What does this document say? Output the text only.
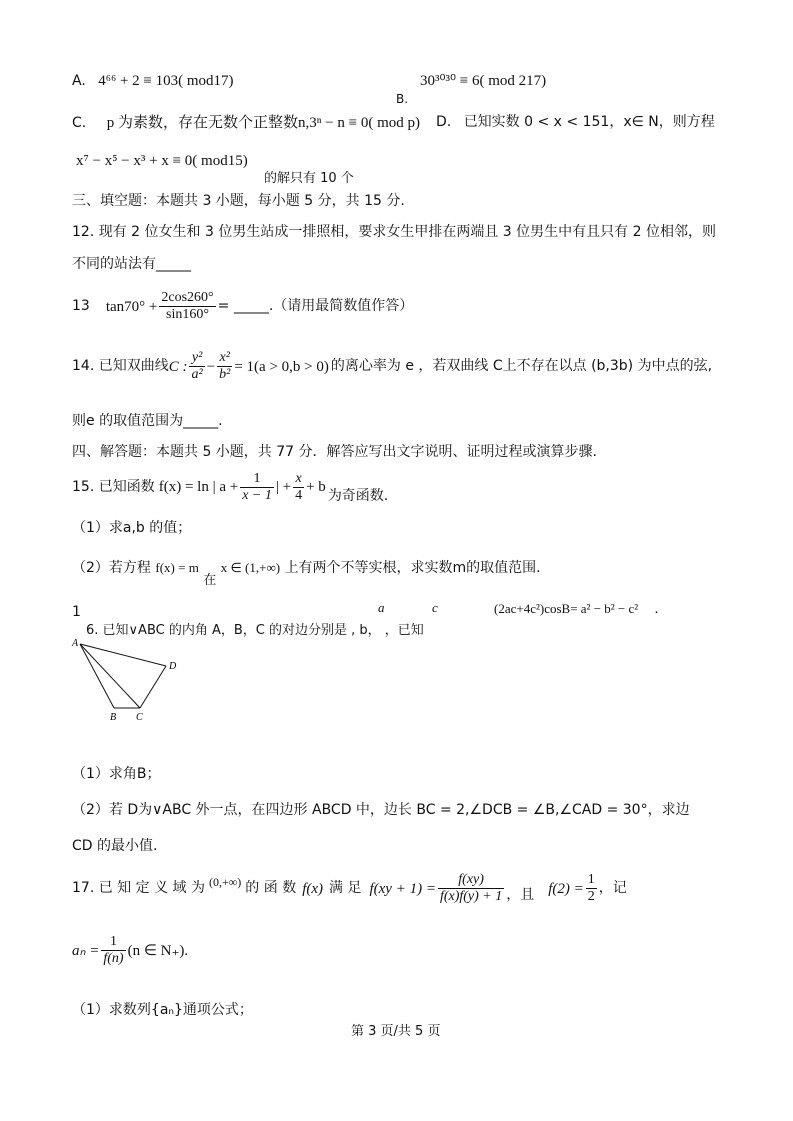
A. 4⁶⁶ + 2 ≡ 103( mod17)	30³⁰³⁰ ≡ 6( mod 217)
B.
C. p 为素数，存在无数个正整数n,3ⁿ − n ≡ 0( mod p) D. 已知实数 0 < x < 151，x∈ N，则方程
x⁷ − x⁵ − x³ + x ≡ 0( mod15)
的解只有 10 个
三、填空题：本题共 3 小题，每小题 5 分，共 15 分.
12. 现有 2 位女生和 3 位男生站成一排照相，要求女生甲排在两端且 3 位男生中有且只有 2 位相邻，则
不同的站法有_____
13 $\tan 70^\circ + \frac{2\cos 260^\circ}{\sin 160^\circ}$ = _____.（请用最简数值作答）
14. 已知双曲线 C : $\frac{\text{y²}}{\text{a²}} - \frac{\text{x²}}{\text{b²}} = 1(a > 0,b > 0)$ 的离心率为 e ，若双曲线 C上不存在以点 (b,3b) 为中点的弦,
则e 的取值范围为_____.
四、解答题：本题共 5 小题，共 77 分．解答应写出文字说明、证明过程或演算步骤.
15. 已知函数 f(x) = ln | $a + \frac{1}{x - 1}$ | + $\frac{x}{4} + b$
为奇函数.
（1）求a,b 的值；
（2）若方程 f(x) = m 在 x ∈ (1,+∞) 上有两个不等实根，求实数m的取值范围.
1	a	c	(2ac+4c²)cosB= a² − b² − c² .
6. 已知∨ABC 的内角 A，B，C 的对边分别是 , b， ，已知
A
B C
D
（1）求角B；
（2）若 D为∨ABC 外一点，在四边形 ABCD 中，边长 BC = 2,∠DCB = ∠B,∠CAD = 30°，求边
CD 的最小值.
17. 已 知 定 义 域 为 (0,+∞) 的 函 数 f(x) 满 足 $f(xy + 1) = \frac{f(xy)}{f(x)f(y) + 1}$ ，且 $f(2) = \frac{1}{2}$ ，记
$a_n = \frac{1}{f(n)} (n$ ∈ N₊).
（1）求数列{aₙ}通项公式；
第 3 页/共 5 页
